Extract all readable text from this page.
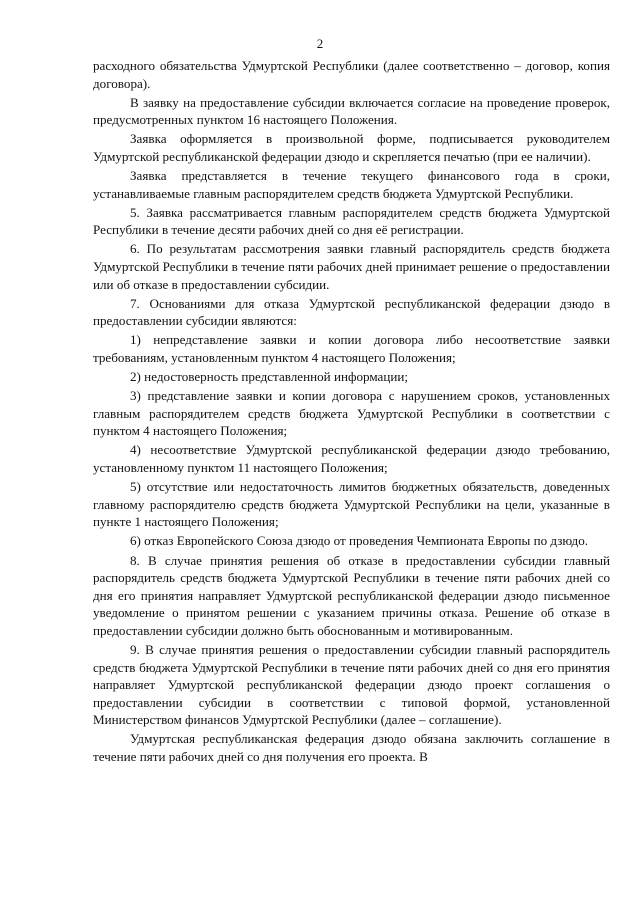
2

расходного обязательства Удмуртской Республики (далее соответственно – договор, копия договора).

В заявку на предоставление субсидии включается согласие на проведение проверок, предусмотренных пунктом 16 настоящего Положения.

Заявка оформляется в произвольной форме, подписывается руководителем Удмуртской республиканской федерации дзюдо и скрепляется печатью (при ее наличии).

Заявка представляется в течение текущего финансового года в сроки, устанавливаемые главным распорядителем средств бюджета Удмуртской Республики.

5. Заявка рассматривается главным распорядителем средств бюджета Удмуртской Республики в течение десяти рабочих дней со дня её регистрации.

6. По результатам рассмотрения заявки главный распорядитель средств бюджета Удмуртской Республики в течение пяти рабочих дней принимает решение о предоставлении или об отказе в предоставлении субсидии.

7. Основаниями для отказа Удмуртской республиканской федерации дзюдо в предоставлении субсидии являются:

1) непредставление заявки и копии договора либо несоответствие заявки требованиям, установленным пунктом 4 настоящего Положения;

2) недостоверность представленной информации;

3) представление заявки и копии договора с нарушением сроков, установленных главным распорядителем средств бюджета Удмуртской Республики в соответствии с пунктом 4 настоящего Положения;

4) несоответствие Удмуртской республиканской федерации дзюдо требованию, установленному пунктом 11 настоящего Положения;

5) отсутствие или недостаточность лимитов бюджетных обязательств, доведенных главному распорядителю средств бюджета Удмуртской Республики на цели, указанные в пункте 1 настоящего Положения;

6) отказ Европейского Союза дзюдо от проведения Чемпионата Европы по дзюдо.

8. В случае принятия решения об отказе в предоставлении субсидии главный распорядитель средств бюджета Удмуртской Республики в течение пяти рабочих дней со дня его принятия направляет Удмуртской республиканской федерации дзюдо письменное уведомление о принятом решении с указанием причины отказа. Решение об отказе в предоставлении субсидии должно быть обоснованным и мотивированным.

9. В случае принятия решения о предоставлении субсидии главный распорядитель средств бюджета Удмуртской Республики в течение пяти рабочих дней со дня его принятия направляет Удмуртской республиканской федерации дзюдо проект соглашения о предоставлении субсидии в соответствии с типовой формой, установленной Министерством финансов Удмуртской Республики (далее – соглашение).

Удмуртская республиканская федерация дзюдо обязана заключить соглашение в течение пяти рабочих дней со дня получения его проекта. В
